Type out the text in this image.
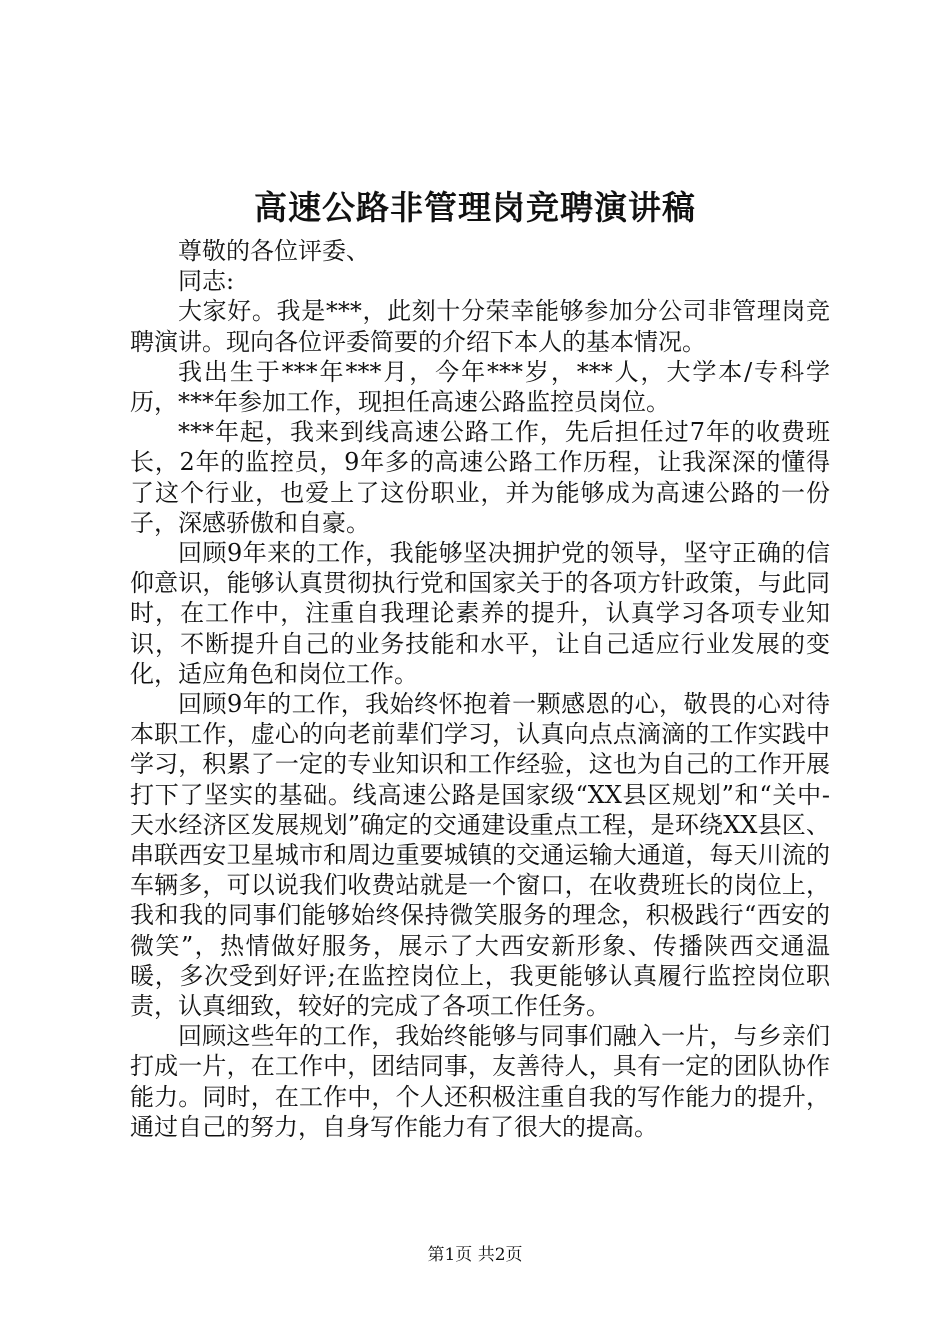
高速公路非管理岗竞聘演讲稿

尊敬的各位评委、

同志:

大家好。我是***，此刻十分荣幸能够参加分公司非管理岗竞聘演讲。现向各位评委简要的介绍下本人的基本情况。

我出生于***年***月，今年***岁，***人，大学本/专科学历，***年参加工作，现担任高速公路监控员岗位。

***年起，我来到线高速公路工作，先后担任过7年的收费班长，2年的监控员，9年多的高速公路工作历程，让我深深的懂得了这个行业，也爱上了这份职业，并为能够成为高速公路的一份子，深感骄傲和自豪。

回顾9年来的工作，我能够坚决拥护党的领导，坚守正确的信仰意识，能够认真贯彻执行党和国家关于的各项方针政策，与此同时，在工作中，注重自我理论素养的提升，认真学习各项专业知识，不断提升自己的业务技能和水平，让自己适应行业发展的变化，适应角色和岗位工作。

回顾9年的工作，我始终怀抱着一颗感恩的心，敬畏的心对待本职工作，虚心的向老前辈们学习，认真向点点滴滴的工作实践中学习，积累了一定的专业知识和工作经验，这也为自己的工作开展打下了坚实的基础。线高速公路是国家级“XX县区规划”和“关中-天水经济区发展规划”确定的交通建设重点工程，是环绕XX县区、串联西安卫星城市和周边重要城镇的交通运输大通道，每天川流的车辆多，可以说我们收费站就是一个窗口，在收费班长的岗位上，我和我的同事们能够始终保持微笑服务的理念，积极践行“西安的微笑”，热情做好服务，展示了大西安新形象、传播陕西交通温暖，多次受到好评;在监控岗位上，我更能够认真履行监控岗位职责，认真细致，较好的完成了各项工作任务。

回顾这些年的工作，我始终能够与同事们融入一片，与乡亲们打成一片，在工作中，团结同事，友善待人，具有一定的团队协作能力。同时，在工作中，个人还积极注重自我的写作能力的提升，通过自己的努力，自身写作能力有了很大的提高。

第1页 共2页
